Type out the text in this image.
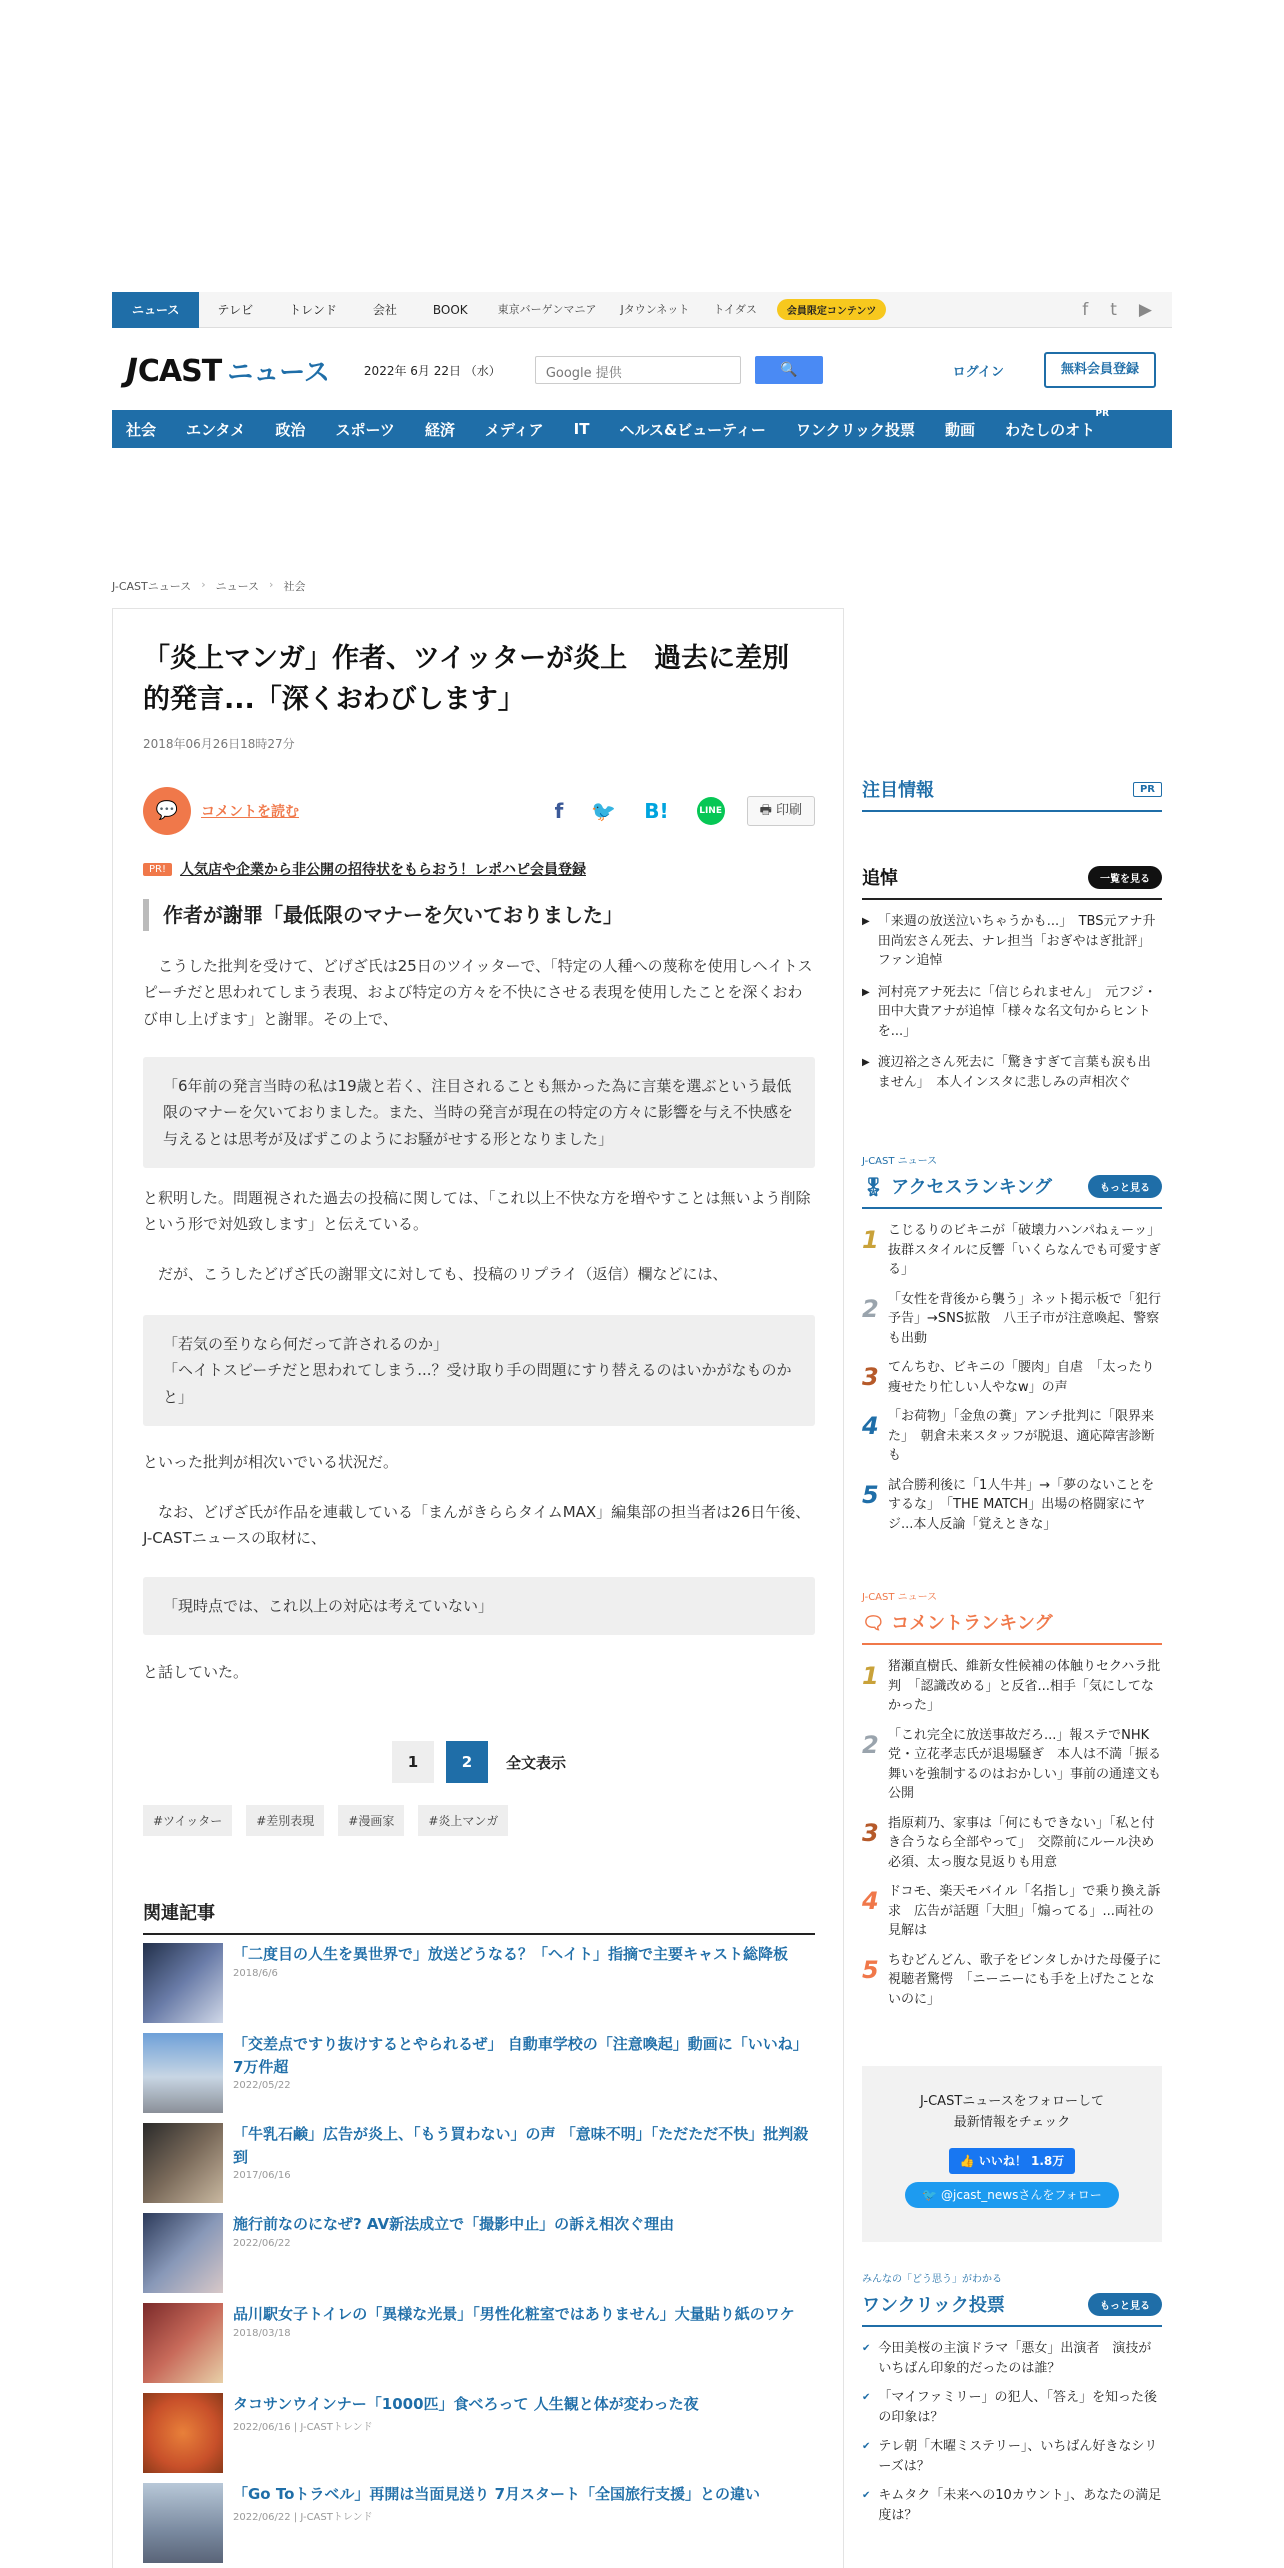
ニュース	テレビ	トレンド	会社	BOOK	東京バーゲンマニア	Jタウンネット	トイダス	会員限定コンテンツ	f t ▶
J CAST ニュース	2022年 6月 22日 （水）	Google 提供	🔍	ログイン	無料会員登録
社会 エンタメ 政治 スポーツ 経済 メディア IT ヘルス&ビューティー ワンクリック投票 動画 わたしのオト
PR
J-CASTニュース › ニュース › 社会
「炎上マンガ」作者、ツイッターが炎上　過去に差別的発言...「深くおわびします」
2018年06月26日18時27分
💬	コメントを読む	f 🐦 B!	LINE	🖶 印刷
PR!	人気店や企業から非公開の招待状をもらおう！レポハピ会員登録
作者が謝罪「最低限のマナーを欠いておりました」

　こうした批判を受けて、どげざ氏は25日のツイッターで、「特定の人種への蔑称を使用しヘイトスピーチだと思われてしまう表現、および特定の方々を不快にさせる表現を使用したことを深くおわび申し上げます」と謝罪。その上で、

「6年前の発言当時の私は19歳と若く、注目されることも無かった為に言葉を選ぶという最低限のマナーを欠いておりました。また、当時の発言が現在の特定の方々に影響を与え不快感を与えるとは思考が及ばずこのようにお騒がせする形となりました」

と釈明した。問題視された過去の投稿に関しては、「これ以上不快な方を増やすことは無いよう削除という形で対処致します」と伝えている。

　だが、こうしたどげざ氏の謝罪文に対しても、投稿のリプライ（返信）欄などには、

「若気の至りなら何だって許されるのか」
「ヘイトスピーチだと思われてしまう...？受け取り手の問題にすり替えるのはいかがなものかと」

といった批判が相次いでいる状況だ。

　なお、どげざ氏が作品を連載している「まんがきららタイムMAX」編集部の担当者は26日午後、J-CASTニュースの取材に、

「現時点では、これ以上の対応は考えていない」

と話していた。

1	2	全文表示
#ツイッター	#差別表現	#漫画家	#炎上マンガ
関連記事
「二度目の人生を異世界で」放送どうなる？「ヘイト」指摘で主要キャスト総降板
2018/6/6
「交差点ですり抜けするとやられるぜ」 自動車学校の「注意喚起」動画に「いいね」7万件超
2022/05/22
「牛乳石鹸」広告が炎上、「もう買わない」の声 「意味不明」「ただただ不快」批判殺到
2017/06/16
施行前なのになぜ? AV新法成立で「撮影中止」の訴え相次ぐ理由
2022/06/22
品川駅女子トイレの「異様な光景」「男性化粧室ではありません」大量貼り紙のワケ
2018/03/18
タコサンウインナー「1000匹」食べろって 人生観と体が変わった夜
2022/06/16 | J-CASTトレンド
「Go Toトラベル」再開は当面見送り 7月スタート「全国旅行支援」との違い
2022/06/22 | J-CASTトレンド
注目情報	PR
追悼	一覧を見る
▶ 「来週の放送泣いちゃうかも...」　TBS元アナ升田尚宏さん死去、ナレ担当「おぎやはぎ批評」ファン追悼
▶ 河村亮アナ死去に「信じられません」　元フジ・田中大貴アナが追悼「様々な名文句からヒントを...」
▶ 渡辺裕之さん死去に「驚きすぎて言葉も涙も出ません」　本人インスタに悲しみの声相次ぐ
J-CAST ニュース
🎖 アクセスランキング	もっと見る
1 こじるりのビキニが「破壊力ハンパねぇーッ」　抜群スタイルに反響「いくらなんでも可愛すぎる」
2 「女性を背後から襲う」ネット掲示板で「犯行予告」→SNS拡散　八王子市が注意喚起、警察も出動
3 てんちむ、ビキニの「腰肉」自虐　「太ったり痩せたり忙しい人やなw」の声
4 「お荷物」「金魚の糞」アンチ批判に「限界来た」　朝倉未来スタッフが脱退、適応障害診断も
5 試合勝利後に「1人牛丼」→「夢のないことをするな」　「THE MATCH」出場の格闘家にヤジ...本人反論「覚えときな」
J-CAST ニュース
🗨 コメントランキング
1 猪瀬直樹氏、維新女性候補の体触りセクハラ批判　「認識改める」と反省...相手「気にしてなかった」
2 「これ完全に放送事故だろ...」報ステでNHK党・立花孝志氏が退場騒ぎ　本人は不満「振る舞いを強制するのはおかしい」事前の通達文も公開
3 指原莉乃、家事は「何にもできない」「私と付き合うなら全部やって」　交際前にルール決め必須、太っ腹な見返りも用意
4 ドコモ、楽天モバイル「名指し」で乗り換え訴求　広告が話題「大胆」「煽ってる」...両社の見解は
5 ちむどんどん、歌子をビンタしかけた母優子に視聴者驚愕　「ニーニーにも手を上げたことないのに」
J-CASTニュースをフォローして
最新情報をチェック
👍 いいね！ 1.8万
🐦 @jcast_newsさんをフォロー
みんなの「どう思う」がわかる
ワンクリック投票	もっと見る
✔ 今田美桜の主演ドラマ「悪女」出演者　演技がいちばん印象的だったのは誰？
✔ 「マイファミリー」の犯人、「答え」を知った後の印象は？
✔ テレ朝「木曜ミステリー」、いちばん好きなシリーズは？
✔ キムタク「未来への10カウント」、あなたの満足度は？
